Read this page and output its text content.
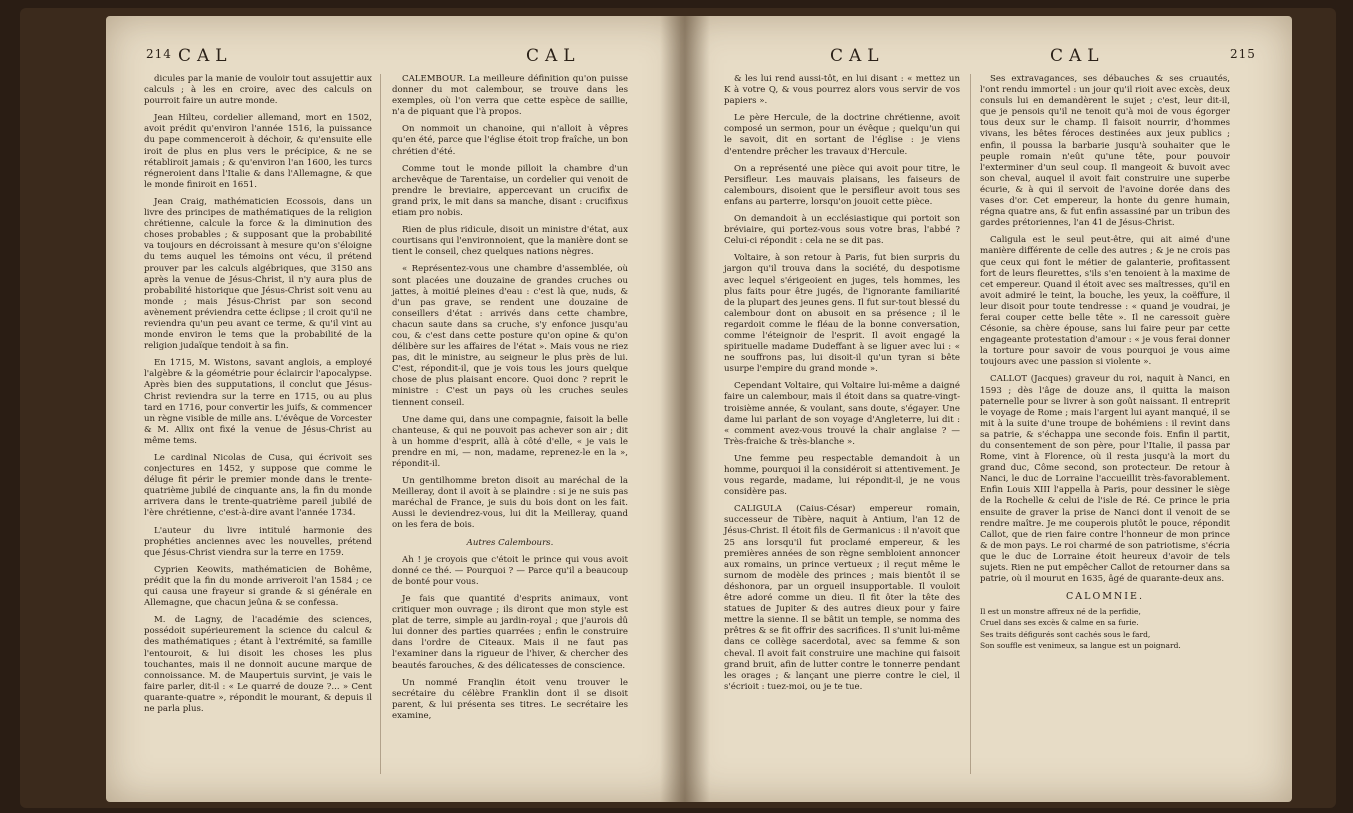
214 CAL	CAL

dicules par la manie de vouloir tout assujettir aux calculs ; à les en croire, avec des calculs on pourroit faire un autre monde.

Jean Hilteu, cordelier allemand, mort en 1502, avoit prédit qu'environ l'année 1516, la puissance du pape commenceroit à déchoir, & qu'ensuite elle iroit de plus en plus vers le précipice, & ne se rétabliroit jamais ; & qu'environ l'an 1600, les turcs régneroient dans l'Italie & dans l'Allemagne, & que le monde finiroit en 1651.

Jean Craig, mathématicien Ecossois, dans un livre des principes de mathématiques de la religion chrétienne, calcule la force & la diminution des choses probables ; & supposant que la probabilité va toujours en décroissant à mesure qu'on s'éloigne du tems auquel les témoins ont vécu, il prétend prouver par les calculs algébriques, que 3150 ans après la venue de Jésus-Christ, il n'y aura plus de probabilité historique que Jésus-Christ soit venu au monde ; mais Jésus-Christ par son second avènement préviendra cette éclipse ; il croit qu'il ne reviendra qu'un peu avant ce terme, & qu'il vint au monde environ le tems que la probabilité de la religion judaïque tendoit à sa fin.

En 1715, M. Wistons, savant anglois, a employé l'algèbre & la géométrie pour éclaircir l'apocalypse. Après bien des supputations, il conclut que Jésus-Christ reviendra sur la terre en 1715, ou au plus tard en 1716, pour convertir les juifs, & commencer un règne visible de mille ans. L'évêque de Vorcester & M. Allix ont fixé la venue de Jésus-Christ au même tems.

Le cardinal Nicolas de Cusa, qui écrivoit ses conjectures en 1452, y suppose que comme le déluge fit périr le premier monde dans le trente-quatrième jubilé de cinquante ans, la fin du monde arrivera dans le trente-quatrième pareil jubilé de l'ère chrétienne, c'est-à-dire avant l'année 1734.

L'auteur du livre intitulé harmonie des prophéties anciennes avec les nouvelles, prétend que Jésus-Christ viendra sur la terre en 1759.

Cyprien Keowits, mathématicien de Bohême, prédit que la fin du monde arriveroit l'an 1584 ; ce qui causa une frayeur si grande & si générale en Allemagne, que chacun jeûna & se confessa.

M. de Lagny, de l'académie des sciences, possédoit supérieurement la science du calcul & des mathématiques ; étant à l'extrémité, sa famille l'entouroit, & lui disoit les choses les plus touchantes, mais il ne donnoit aucune marque de connoissance. M. de Maupertuis survint, je vais le faire parler, dit-il : « Le quarré de douze ?... » Cent quarante-quatre », répondit le mourant, & depuis il ne parla plus.

CALEMBOUR. La meilleure définition qu'on puisse donner du mot calembour, se trouve dans les exemples, où l'on verra que cette espèce de saillie, n'a de piquant que l'à propos.

On nommoit un chanoine, qui n'alloit à vêpres qu'en été, parce que l'église étoit trop fraîche, un bon chrétien d'été.

Comme tout le monde pilloit la chambre d'un archevêque de Tarentaise, un cordelier qui venoit de prendre le breviaire, appercevant un crucifix de grand prix, le mit dans sa manche, disant : crucifixus etiam pro nobis.

Rien de plus ridicule, disoit un ministre d'état, aux courtisans qui l'environnoient, que la manière dont se tient le conseil, chez quelques nations nègres.

« Représentez-vous une chambre d'assemblée, où sont placées une douzaine de grandes cruches ou jattes, à moitié pleines d'eau : c'est là que, nuds, & d'un pas grave, se rendent une douzaine de conseillers d'état : arrivés dans cette chambre, chacun saute dans sa cruche, s'y enfonce jusqu'au cou, & c'est dans cette posture qu'on opine & qu'on délibère sur les affaires de l'état ». Mais vous ne riez pas, dit le ministre, au seigneur le plus près de lui. C'est, répondit-il, que je vois tous les jours quelque chose de plus plaisant encore. Quoi donc ? reprit le ministre : C'est un pays où les cruches seules tiennent conseil.

Une dame qui, dans une compagnie, faisoit la belle chanteuse, & qui ne pouvoit pas achever son air ; dit à un homme d'esprit, allà à côté d'elle, « je vais le prendre en mi, — non, madame, reprenez-le en la », répondit-il.

Un gentilhomme breton disoit au maréchal de la Meilleray, dont il avoit à se plaindre : si je ne suis pas maréchal de France, je suis du bois dont on les fait. Aussi le deviendrez-vous, lui dit la Meilleray, quand on les fera de bois.

Autres Calembours.

Ah ! je croyois que c'étoit le prince qui vous avoit donné ce thé. — Pourquoi ? — Parce qu'il a beaucoup de bonté pour vous.

Je fais que quantité d'esprits animaux, vont critiquer mon ouvrage ; ils diront que mon style est plat de terre, simple au jardin-royal ; que j'aurois dû lui donner des parties quarrées ; enfin le construire dans l'ordre de Citeaux. Mais il ne faut pas l'examiner dans la rigueur de l'hiver, & chercher des beautés farouches, & des délicatesses de conscience.

Un nommé Franqlin étoit venu trouver le secrétaire du célèbre Franklin dont il se disoit parent, & lui présenta ses titres. Le secrétaire les examine,

CAL	CAL	215

& les lui rend aussi-tôt, en lui disant : « mettez un K à votre Q, & vous pourrez alors vous servir de vos papiers ».

Le père Hercule, de la doctrine chrétienne, avoit composé un sermon, pour un évêque ; quelqu'un qui le savoit, dit en sortant de l'église : je viens d'entendre prêcher les travaux d'Hercule.

On a représenté une pièce qui avoit pour titre, le Persifleur. Les mauvais plaisans, les faiseurs de calembours, disoient que le persifleur avoit tous ses enfans au parterre, lorsqu'on jouoit cette pièce.

On demandoit à un ecclésiastique qui portoit son bréviaire, qui portez-vous sous votre bras, l'abbé ? Celui-ci répondit : cela ne se dit pas.

Voltaire, à son retour à Paris, fut bien surpris du jargon qu'il trouva dans la société, du despotisme avec lequel s'érigeoient en juges, tels hommes, les plus faits pour être jugés, de l'ignorante familiarité de la plupart des jeunes gens. Il fut sur-tout blessé du calembour dont on abusoit en sa présence ; il le regardoit comme le fléau de la bonne conversation, comme l'éteignoir de l'esprit. Il avoit engagé la spirituelle madame Dudeffant à se liguer avec lui : « ne souffrons pas, lui disoit-il qu'un tyran si bête usurpe l'empire du grand monde ».

Cependant Voltaire, qui Voltaire lui-même a daigné faire un calembour, mais il étoit dans sa quatre-vingt-troisième année, & voulant, sans doute, s'égayer. Une dame lui parlant de son voyage d'Angleterre, lui dit : « comment avez-vous trouvé la chair anglaise ? — Très-fraiche & très-blanche ».

Une femme peu respectable demandoit à un homme, pourquoi il la considéroit si attentivement. Je vous regarde, madame, lui répondit-il, je ne vous considère pas.

CALIGULA (Caius-César) empereur romain, successeur de Tibère, naquit à Antium, l'an 12 de Jésus-Christ. Il étoit fils de Germanicus : il n'avoit que 25 ans lorsqu'il fut proclamé empereur, & les premières années de son règne sembloient annoncer aux romains, un prince vertueux ; il reçut même le surnom de modèle des princes ; mais bientôt il se déshonora, par un orgueil insupportable. Il vouloit être adoré comme un dieu. Il fit ôter la tête des statues de Jupiter & des autres dieux pour y faire mettre la sienne. Il se bâtit un temple, se nomma des prêtres & se fit offrir des sacrifices. Il s'unit lui-même dans ce collège sacerdotal, avec sa femme & son cheval. Il avoit fait construire une machine qui faisoit grand bruit, afin de lutter contre le tonnerre pendant les orages ; & lançant une pierre contre le ciel, il s'écrioit : tuez-moi, ou je te tue.

Ses extravagances, ses débauches & ses cruautés, l'ont rendu immortel : un jour qu'il rioit avec excès, deux consuls lui en demandèrent le sujet ; c'est, leur dit-il, que je pensois qu'il ne tenoit qu'à moi de vous égorger tous deux sur le champ. Il faisoit nourrir, d'hommes vivans, les bêtes féroces destinées aux jeux publics ; enfin, il poussa la barbarie jusqu'à souhaiter que le peuple romain n'eût qu'une tête, pour pouvoir l'exterminer d'un seul coup. Il mangeoit & buvoit avec son cheval, auquel il avoit fait construire une superbe écurie, & à qui il servoit de l'avoine dorée dans des vases d'or. Cet empereur, la honte du genre humain, régna quatre ans, & fut enfin assassiné par un tribun des gardes prétoriennes, l'an 41 de Jésus-Christ.

Caligula est le seul peut-être, qui ait aimé d'une manière différente de celle des autres ; & je ne crois pas que ceux qui font le métier de galanterie, profitassent fort de leurs fleurettes, s'ils s'en tenoient à la maxime de cet empereur. Quand il étoit avec ses maîtresses, qu'il en avoit admiré le teint, la bouche, les yeux, la coëffure, il leur disoit pour toute tendresse : « quand je voudrai, je ferai couper cette belle tête ». Il ne caressoit guère Césonie, sa chère épouse, sans lui faire peur par cette engageante protestation d'amour : « je vous ferai donner la torture pour savoir de vous pourquoi je vous aime toujours avec une passion si violente ».

CALLOT (Jacques) graveur du roi, naquit à Nanci, en 1593 ; dès l'âge de douze ans, il quitta la maison paternelle pour se livrer à son goût naissant. Il entreprit le voyage de Rome ; mais l'argent lui ayant manqué, il se mit à la suite d'une troupe de bohémiens : il revint dans sa patrie, & s'échappa une seconde fois. Enfin il partit, du consentement de son père, pour l'Italie, il passa par Rome, vint à Florence, où il resta jusqu'à la mort du grand duc, Côme second, son protecteur. De retour à Nanci, le duc de Lorraine l'accueillit très-favorablement. Enfin Louis XIII l'appella à Paris, pour dessiner le siège de la Rochelle & celui de l'isle de Ré. Ce prince le pria ensuite de graver la prise de Nanci dont il venoit de se rendre maître. Je me couperois plutôt le pouce, répondit Callot, que de rien faire contre l'honneur de mon prince & de mon pays. Le roi charmé de son patriotisme, s'écria que le duc de Lorraine étoit heureux d'avoir de tels sujets. Rien ne put empêcher Callot de retourner dans sa patrie, où il mourut en 1635, âgé de quarante-deux ans.

CALOMNIE.
Il est un monstre affreux né de la perfidie,
Cruel dans ses excès & calme en sa furie.
Ses traits défigurés sont cachés sous le fard,
Son souffle est venimeux, sa langue est un poignard.
